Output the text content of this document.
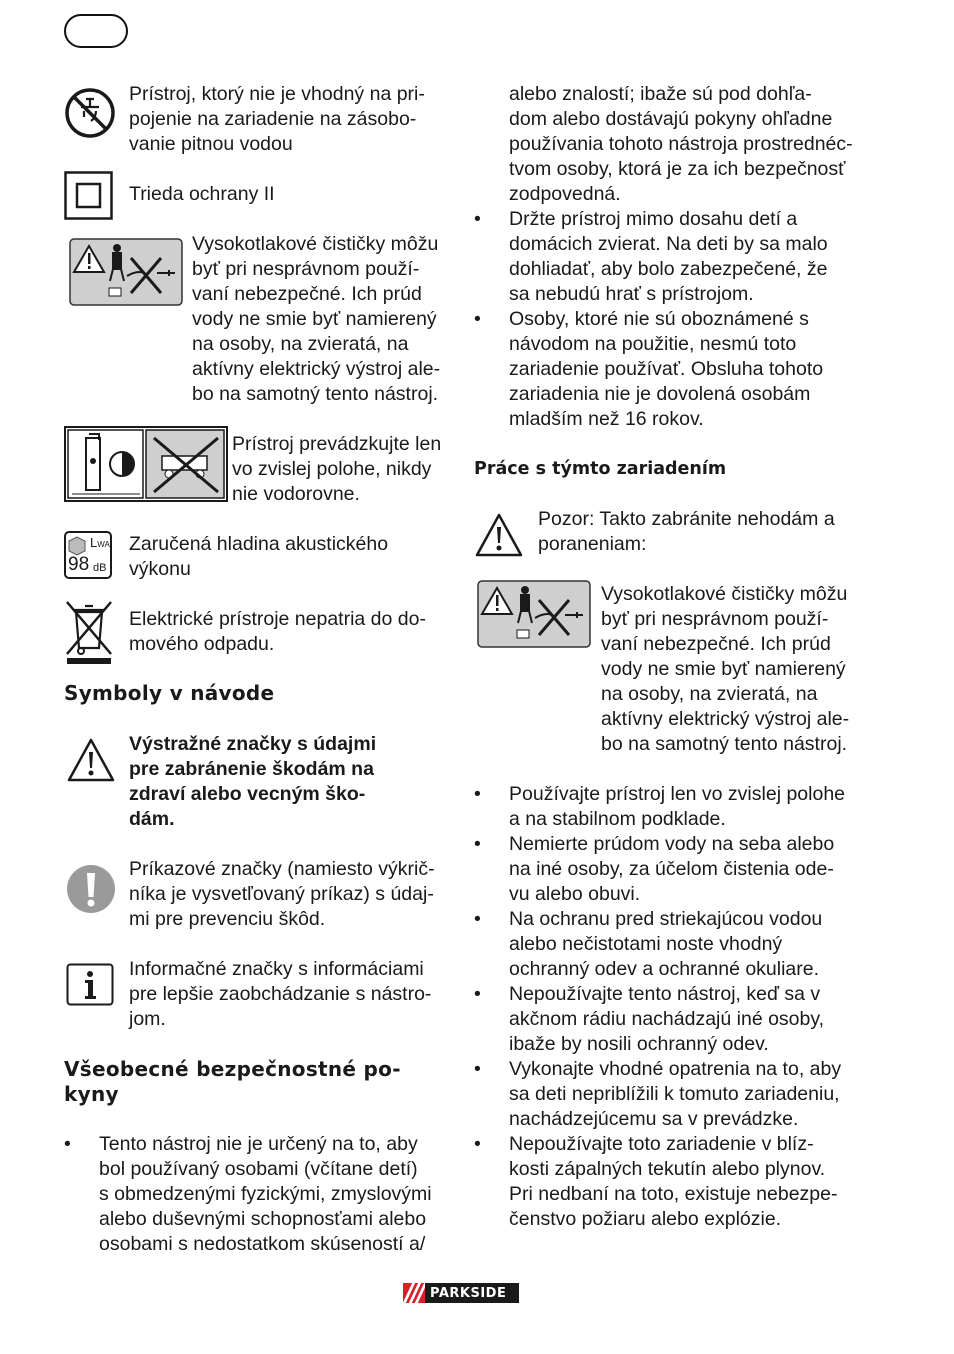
Prístroj, ktorý nie je vhodný na pri-
pojenie na zariadenie na zásobo-
vanie pitnou vodou
Trieda ochrany II
Vysokotlakové čističky môžu
byť pri nesprávnom použí-
vaní nebezpečné. Ich prúd
vody ne smie byť namierený
na osoby, na zvieratá, na
aktívny elektrický výstroj ale-
bo na samotný tento nástroj.
Prístroj prevádzkujte len
vo zvislej polohe, nikdy
nie vodorovne.
LWA
98 dB
Zaručená hladina akustického
výkonu
Elektrické prístroje nepatria do do-
mového odpadu.
Symboly v návode
Výstražné značky s údajmi
pre zabránenie škodám na
zdraví alebo vecným ško-
dám.
Príkazové značky (namiesto výkrič-
níka je vysvetľovaný príkaz) s údaj-
mi pre prevenciu škôd.
Informačné značky s informáciami
pre lepšie zaobchádzanie s nástro-
jom.
Všeobecné bezpečnostné po-
kyny
• Tento nástroj nie je určený na to, aby
bol používaný osobami (včítane detí)
s obmedzenými fyzickými, zmyslovými
alebo duševnými schopnosťami alebo
osobami s nedostatkom skúseností a/
alebo znalostí; ibaže sú pod dohľa-
dom alebo dostávajú pokyny ohľadne
používania tohoto nástroja prostrednéc-
tvom osoby, ktorá je za ich bezpečnosť
zodpovedná.
• Držte prístroj mimo dosahu detí a
domácich zvierat. Na deti by sa malo
dohliadať, aby bolo zabezpečené, že
sa nebudú hrať s prístrojom.
• Osoby, ktoré nie sú oboznámené s
návodom na použitie, nesmú toto
zariadenie používať. Obsluha tohoto
zariadenia nie je dovolená osobám
mladším než 16 rokov.
Práce s týmto zariadením
Pozor: Takto zabránite nehodám a
poraneniam:
Vysokotlakové čističky môžu
byť pri nesprávnom použí-
vaní nebezpečné. Ich prúd
vody ne smie byť namierený
na osoby, na zvieratá, na
aktívny elektrický výstroj ale-
bo na samotný tento nástroj.
• Používajte prístroj len vo zvislej polohe
a na stabilnom podklade.
• Nemierte prúdom vody na seba alebo
na iné osoby, za účelom čistenia ode-
vu alebo obuvi.
• Na ochranu pred striekajúcou vodou
alebo nečistotami noste vhodný
ochranný odev a ochranné okuliare.
• Nepoužívajte tento nástroj, keď sa v
akčnom rádiu nachádzajú iné osoby,
ibaže by nosili ochranný odev.
• Vykonajte vhodné opatrenia na to, aby
sa deti nepriblížili k tomuto zariadeniu,
nachádzejúcemu sa v prevádzke.
• Nepoužívajte toto zariadenie v blíz-
kosti zápalných tekutín alebo plynov.
Pri nedbaní na toto, existuje nebezpe-
čenstvo požiaru alebo explózie.
PARKSIDE
